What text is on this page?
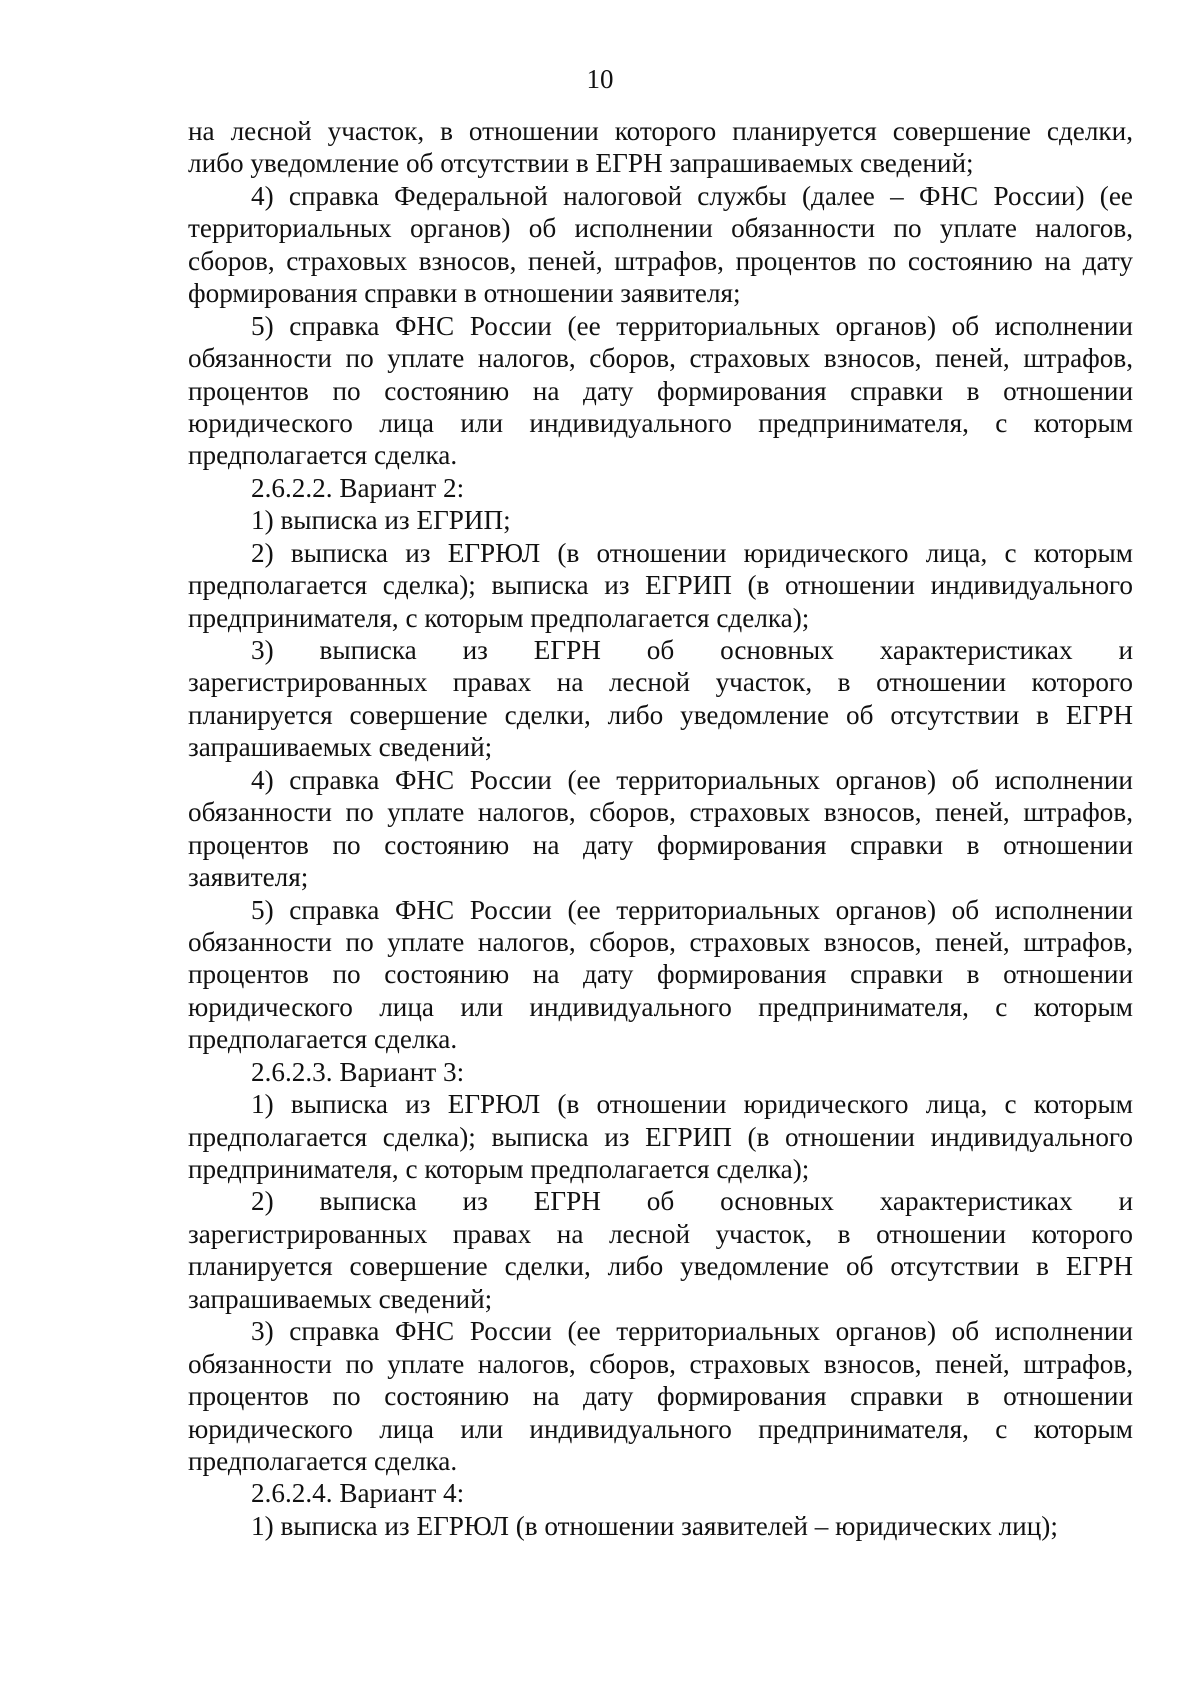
10
на лесной участок, в отношении которого планируется совершение сделки,
либо уведомление об отсутствии в ЕГРН запрашиваемых сведений;
4) справка Федеральной налоговой службы (далее – ФНС России) (ее
территориальных органов) об исполнении обязанности по уплате налогов,
сборов, страховых взносов, пеней, штрафов, процентов по состоянию на дату
формирования справки в отношении заявителя;
5) справка ФНС России (ее территориальных органов) об исполнении
обязанности по уплате налогов, сборов, страховых взносов, пеней, штрафов,
процентов по состоянию на дату формирования справки в отношении
юридического лица или индивидуального предпринимателя, с которым
предполагается сделка.
2.6.2.2. Вариант 2:
1) выписка из ЕГРИП;
2) выписка из ЕГРЮЛ (в отношении юридического лица, с которым
предполагается сделка); выписка из ЕГРИП (в отношении индивидуального
предпринимателя, с которым предполагается сделка);
3) выписка из ЕГРН об основных характеристиках и
зарегистрированных правах на лесной участок, в отношении которого
планируется совершение сделки, либо уведомление об отсутствии в ЕГРН
запрашиваемых сведений;
4) справка ФНС России (ее территориальных органов) об исполнении
обязанности по уплате налогов, сборов, страховых взносов, пеней, штрафов,
процентов по состоянию на дату формирования справки в отношении
заявителя;
5) справка ФНС России (ее территориальных органов) об исполнении
обязанности по уплате налогов, сборов, страховых взносов, пеней, штрафов,
процентов по состоянию на дату формирования справки в отношении
юридического лица или индивидуального предпринимателя, с которым
предполагается сделка.
2.6.2.3. Вариант 3:
1) выписка из ЕГРЮЛ (в отношении юридического лица, с которым
предполагается сделка); выписка из ЕГРИП (в отношении индивидуального
предпринимателя, с которым предполагается сделка);
2) выписка из ЕГРН об основных характеристиках и
зарегистрированных правах на лесной участок, в отношении которого
планируется совершение сделки, либо уведомление об отсутствии в ЕГРН
запрашиваемых сведений;
3) справка ФНС России (ее территориальных органов) об исполнении
обязанности по уплате налогов, сборов, страховых взносов, пеней, штрафов,
процентов по состоянию на дату формирования справки в отношении
юридического лица или индивидуального предпринимателя, с которым
предполагается сделка.
2.6.2.4. Вариант 4:
1) выписка из ЕГРЮЛ (в отношении заявителей – юридических лиц);
